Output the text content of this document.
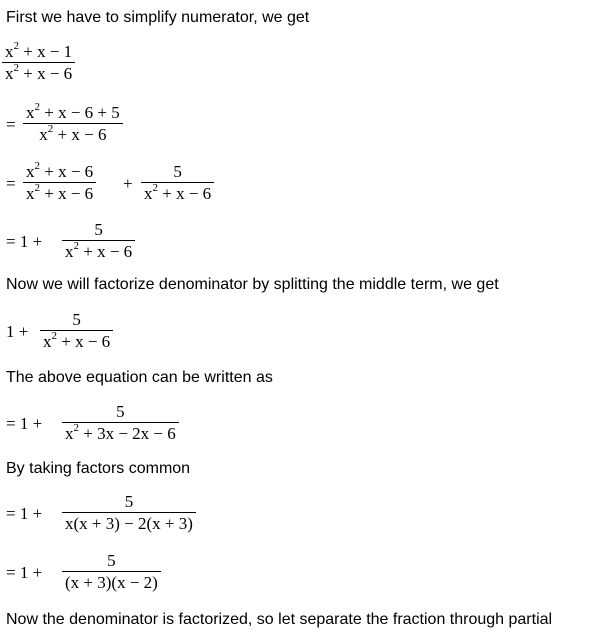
First we have to simplify numerator, we get
$\frac{x^2 + x - 1}{x^2 + x - 6}$
= $\frac{x^2 + x - 6 + 5}{x^2 + x - 6}$
= $\frac{x^2 + x - 6}{x^2 + x - 6} + \frac{5}{x^2 + x - 6}$
= $1 + \frac{5}{x^2 + x - 6}$
Now we will factorize denominator by splitting the middle term, we get
$1 + \frac{5}{x^2 + x - 6}$
The above equation can be written as
= $1 + \frac{5}{x^2 + 3x - 2x - 6}$
By taking factors common
= $1 + \frac{5}{x(x + 3) - 2(x + 3)}$
= $1 + \frac{5}{(x + 3)(x - 2)}$
Now the denominator is factorized, so let separate the fraction through partial
